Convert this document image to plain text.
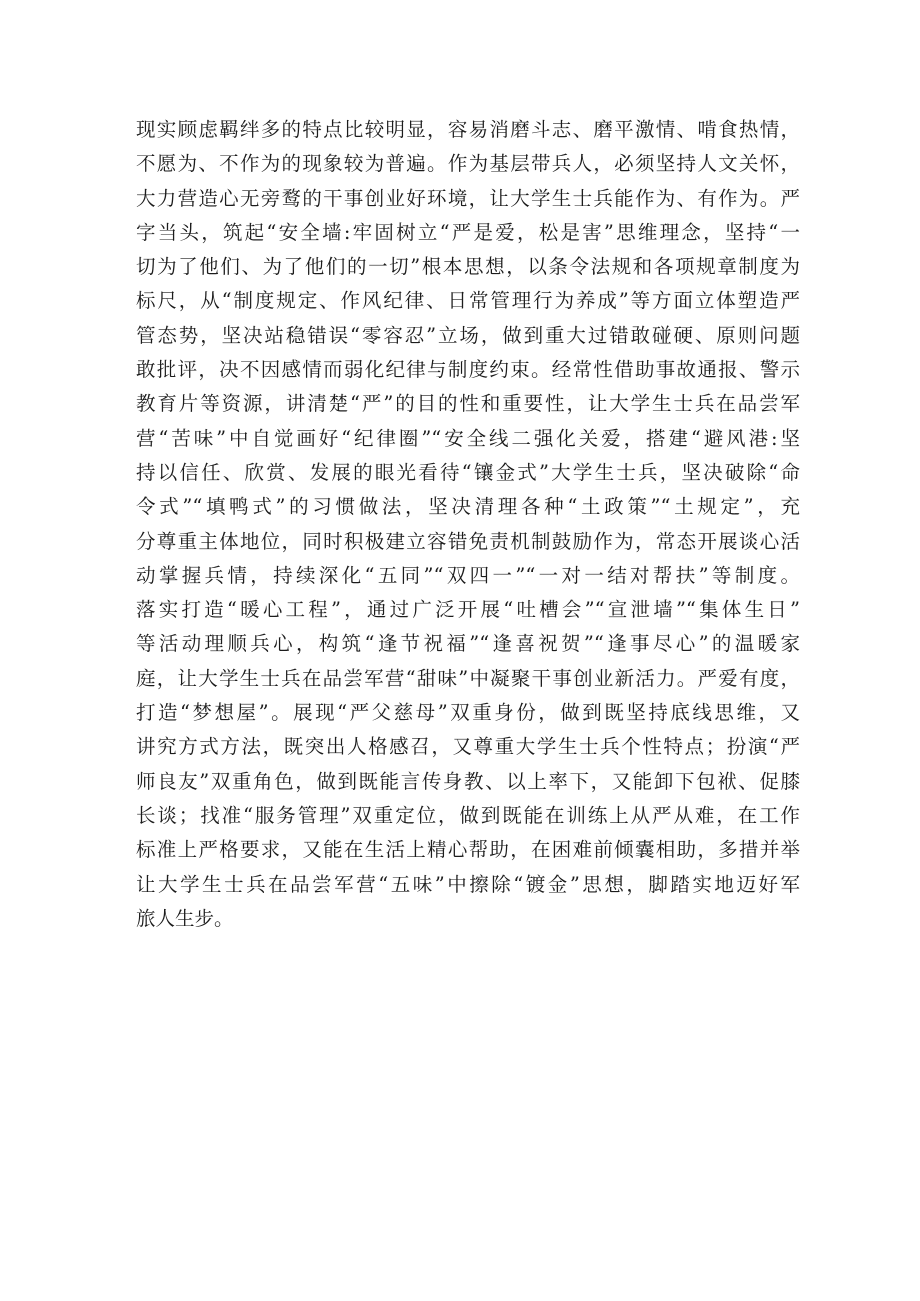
现实顾虑羁绊多的特点比较明显，容易消磨斗志、磨平激情、啃食热情，
不愿为、不作为的现象较为普遍。作为基层带兵人，必须坚持人文关怀，
大力营造心无旁鹜的干事创业好环境，让大学生士兵能作为、有作为。严
字当头，筑起“安全墙:牢固树立“严是爱，松是害”思维理念，坚持“一
切为了他们、为了他们的一切”根本思想，以条令法规和各项规章制度为
标尺，从“制度规定、作风纪律、日常管理行为养成”等方面立体塑造严
管态势，坚决站稳错误“零容忍”立场，做到重大过错敢碰硬、原则问题
敢批评，决不因感情而弱化纪律与制度约束。经常性借助事故通报、警示
教育片等资源，讲清楚“严”的目的性和重要性，让大学生士兵在品尝军
营“苦味”中自觉画好“纪律圈”“安全线二强化关爱，搭建“避风港:坚
持以信任、欣赏、发展的眼光看待“镶金式”大学生士兵，坚决破除“命
令式”“填鸭式”的习惯做法，坚决清理各种“土政策”“土规定”，充
分尊重主体地位，同时积极建立容错免责机制鼓励作为，常态开展谈心活
动掌握兵情，持续深化“五同”“双四一”“一对一结对帮扶”等制度。
落实打造“暖心工程”，通过广泛开展“吐槽会”“宣泄墙”“集体生日”
等活动理顺兵心，构筑“逢节祝福”“逢喜祝贺”“逢事尽心”的温暖家
庭，让大学生士兵在品尝军营“甜味”中凝聚干事创业新活力。严爱有度，
打造“梦想屋”。展现“严父慈母”双重身份，做到既坚持底线思维，又
讲究方式方法，既突出人格感召，又尊重大学生士兵个性特点；扮演“严
师良友”双重角色，做到既能言传身教、以上率下，又能卸下包袱、促膝
长谈；找准“服务管理”双重定位，做到既能在训练上从严从难，在工作
标准上严格要求，又能在生活上精心帮助，在困难前倾囊相助，多措并举
让大学生士兵在品尝军营“五味”中擦除“镀金”思想，脚踏实地迈好军
旅人生步。
